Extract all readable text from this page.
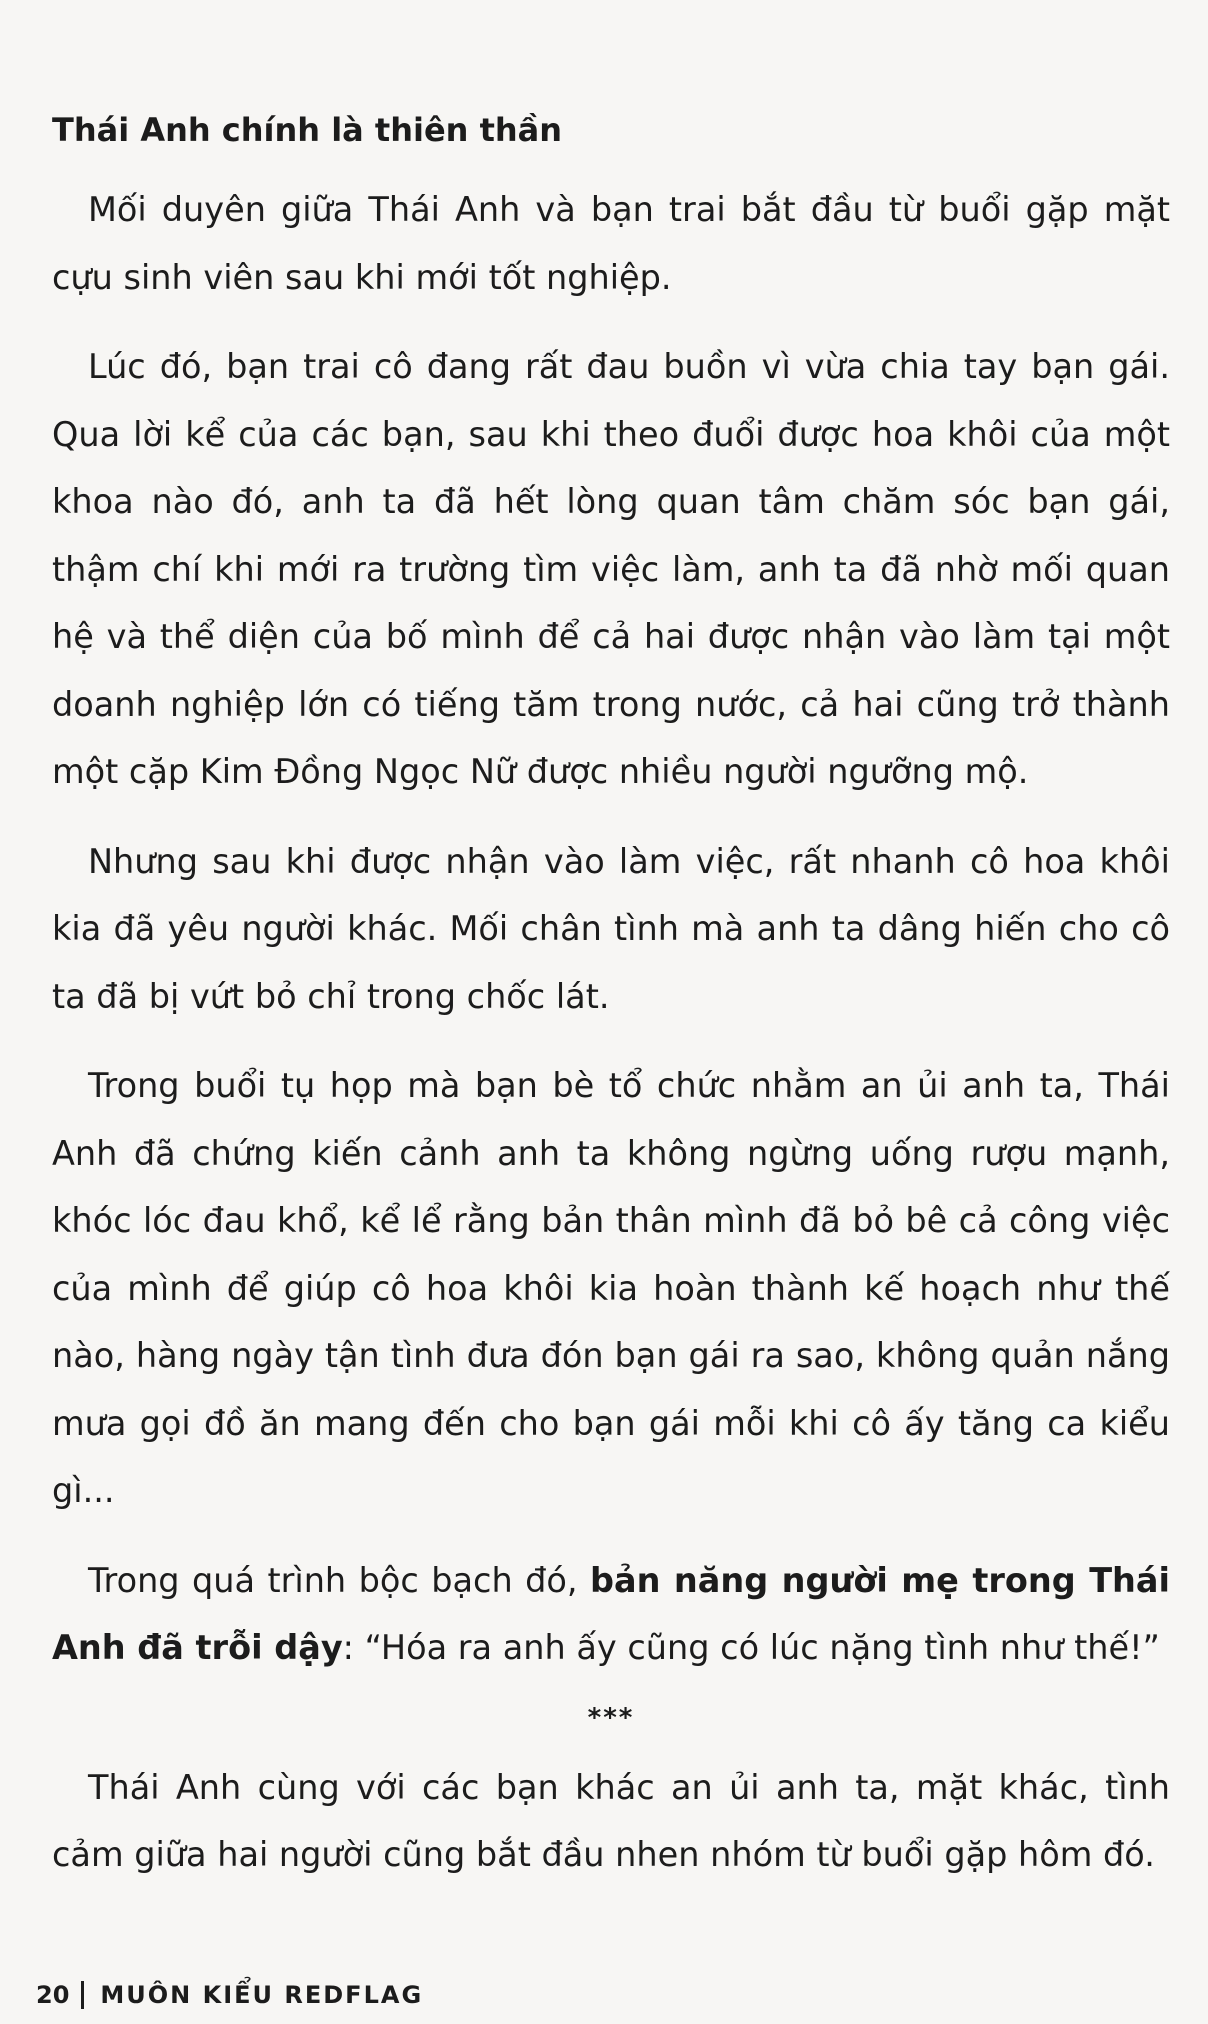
Thái Anh chính là thiên thần

Mối duyên giữa Thái Anh và bạn trai bắt đầu từ buổi gặp mặt cựu sinh viên sau khi mới tốt nghiệp.

Lúc đó, bạn trai cô đang rất đau buồn vì vừa chia tay bạn gái. Qua lời kể của các bạn, sau khi theo đuổi được hoa khôi của một khoa nào đó, anh ta đã hết lòng quan tâm chăm sóc bạn gái, thậm chí khi mới ra trường tìm việc làm, anh ta đã nhờ mối quan hệ và thể diện của bố mình để cả hai được nhận vào làm tại một doanh nghiệp lớn có tiếng tăm trong nước, cả hai cũng trở thành một cặp Kim Đồng Ngọc Nữ được nhiều người ngưỡng mộ.

Nhưng sau khi được nhận vào làm việc, rất nhanh cô hoa khôi kia đã yêu người khác. Mối chân tình mà anh ta dâng hiến cho cô ta đã bị vứt bỏ chỉ trong chốc lát.

Trong buổi tụ họp mà bạn bè tổ chức nhằm an ủi anh ta, Thái Anh đã chứng kiến cảnh anh ta không ngừng uống rượu mạnh, khóc lóc đau khổ, kể lể rằng bản thân mình đã bỏ bê cả công việc của mình để giúp cô hoa khôi kia hoàn thành kế hoạch như thế nào, hàng ngày tận tình đưa đón bạn gái ra sao, không quản nắng mưa gọi đồ ăn mang đến cho bạn gái mỗi khi cô ấy tăng ca kiểu gì...

Trong quá trình bộc bạch đó, bản năng người mẹ trong Thái Anh đã trỗi dậy: “Hóa ra anh ấy cũng có lúc nặng tình như thế!”

***

Thái Anh cùng với các bạn khác an ủi anh ta, mặt khác, tình cảm giữa hai người cũng bắt đầu nhen nhóm từ buổi gặp hôm đó.

20 MUÔN KIỂU REDFLAG
